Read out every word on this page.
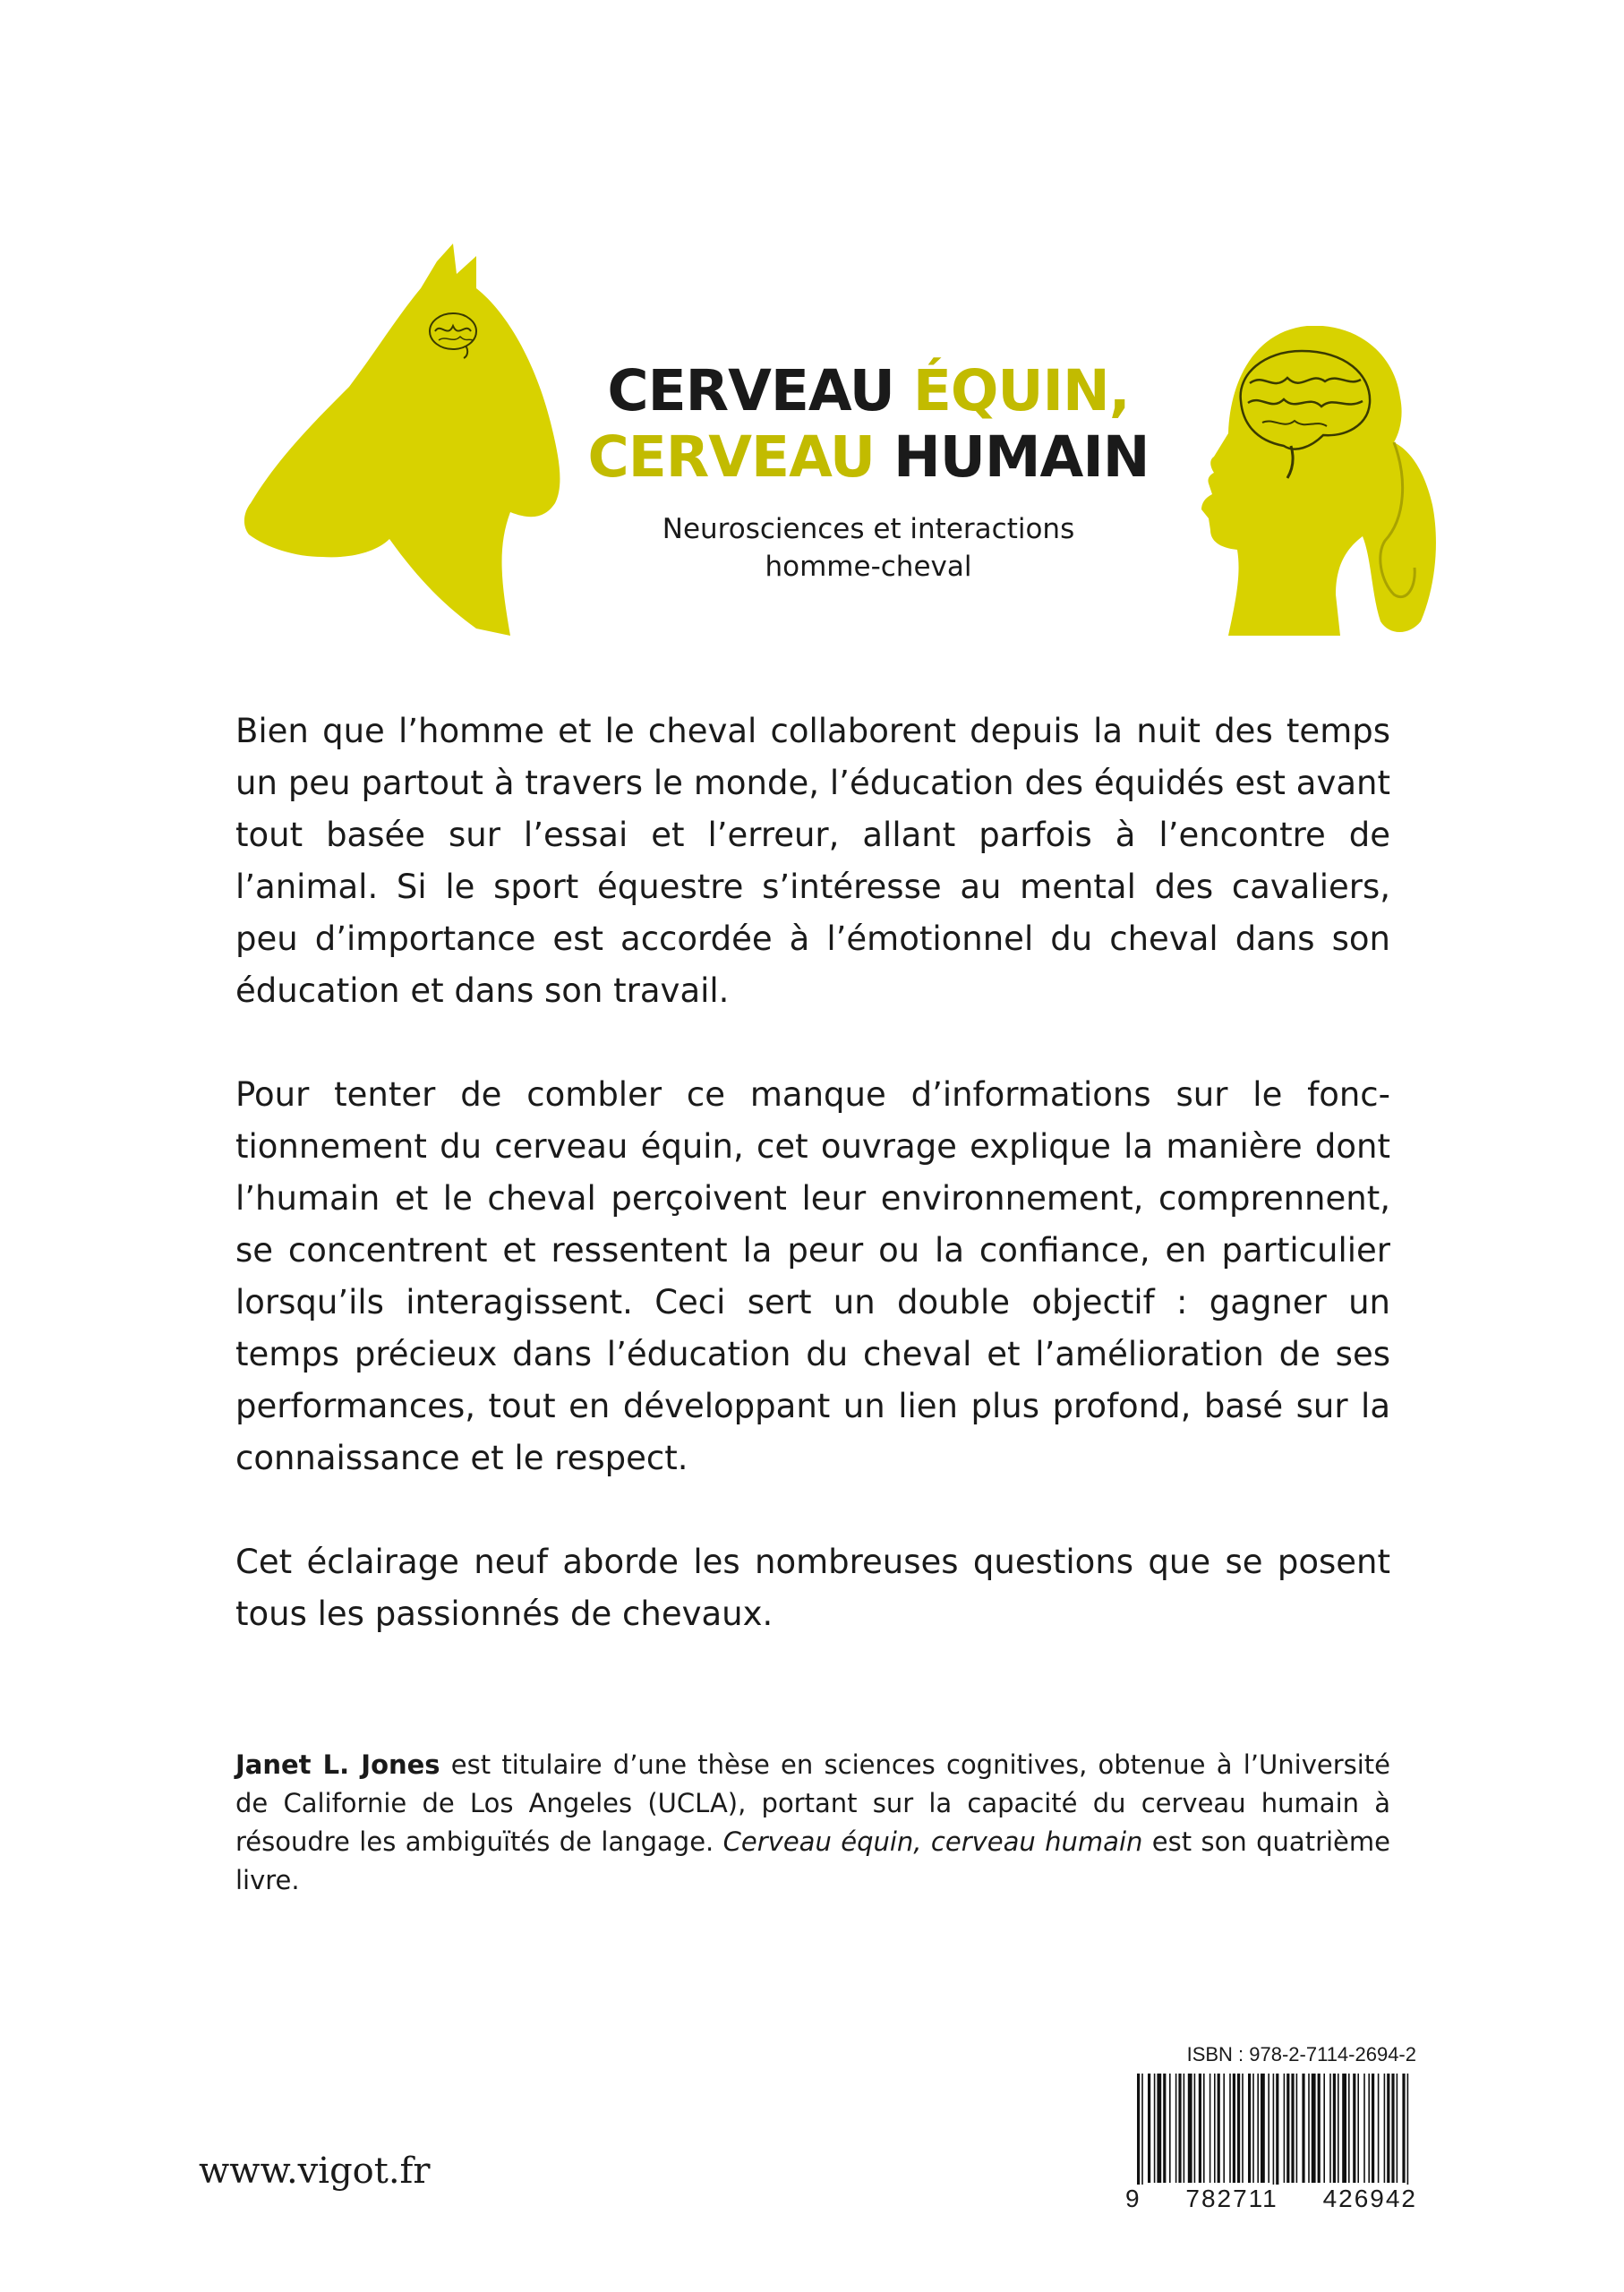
CERVEAU ÉQUIN,
CERVEAU HUMAIN
Neurosciences et interactions
homme-cheval

Bien que l’homme et le cheval collaborent depuis la nuit des temps un peu partout à travers le monde, l’éducation des équidés est avant tout basée sur l’essai et l’erreur, allant parfois à l’encontre de l’animal. Si le sport équestre s’intéresse au mental des cavaliers, peu d’importance est accordée à l’émotionnel du cheval dans son éducation et dans son travail.

Pour tenter de combler ce manque d’informations sur le fonctionnement du cerveau équin, cet ouvrage explique la manière dont l’humain et le cheval perçoivent leur environnement, comprennent, se concentrent et ressentent la peur ou la confiance, en particulier lorsqu’ils interagissent. Ceci sert un double objectif : gagner un temps précieux dans l’éducation du cheval et l’amélioration de ses performances, tout en développant un lien plus profond, basé sur la connaissance et le respect.

Cet éclairage neuf aborde les nombreuses questions que se posent tous les passionnés de chevaux.

Janet L. Jones est titulaire d’une thèse en sciences cognitives, obtenue à l’Université de Californie de Los Angeles (UCLA), portant sur la capacité du cerveau humain à résoudre les ambiguïtés de langage. Cerveau équin, cerveau humain est son quatrième livre.
www.vigot.fr
ISBN : 978-2-7114-2694-2
9 782711 426942
